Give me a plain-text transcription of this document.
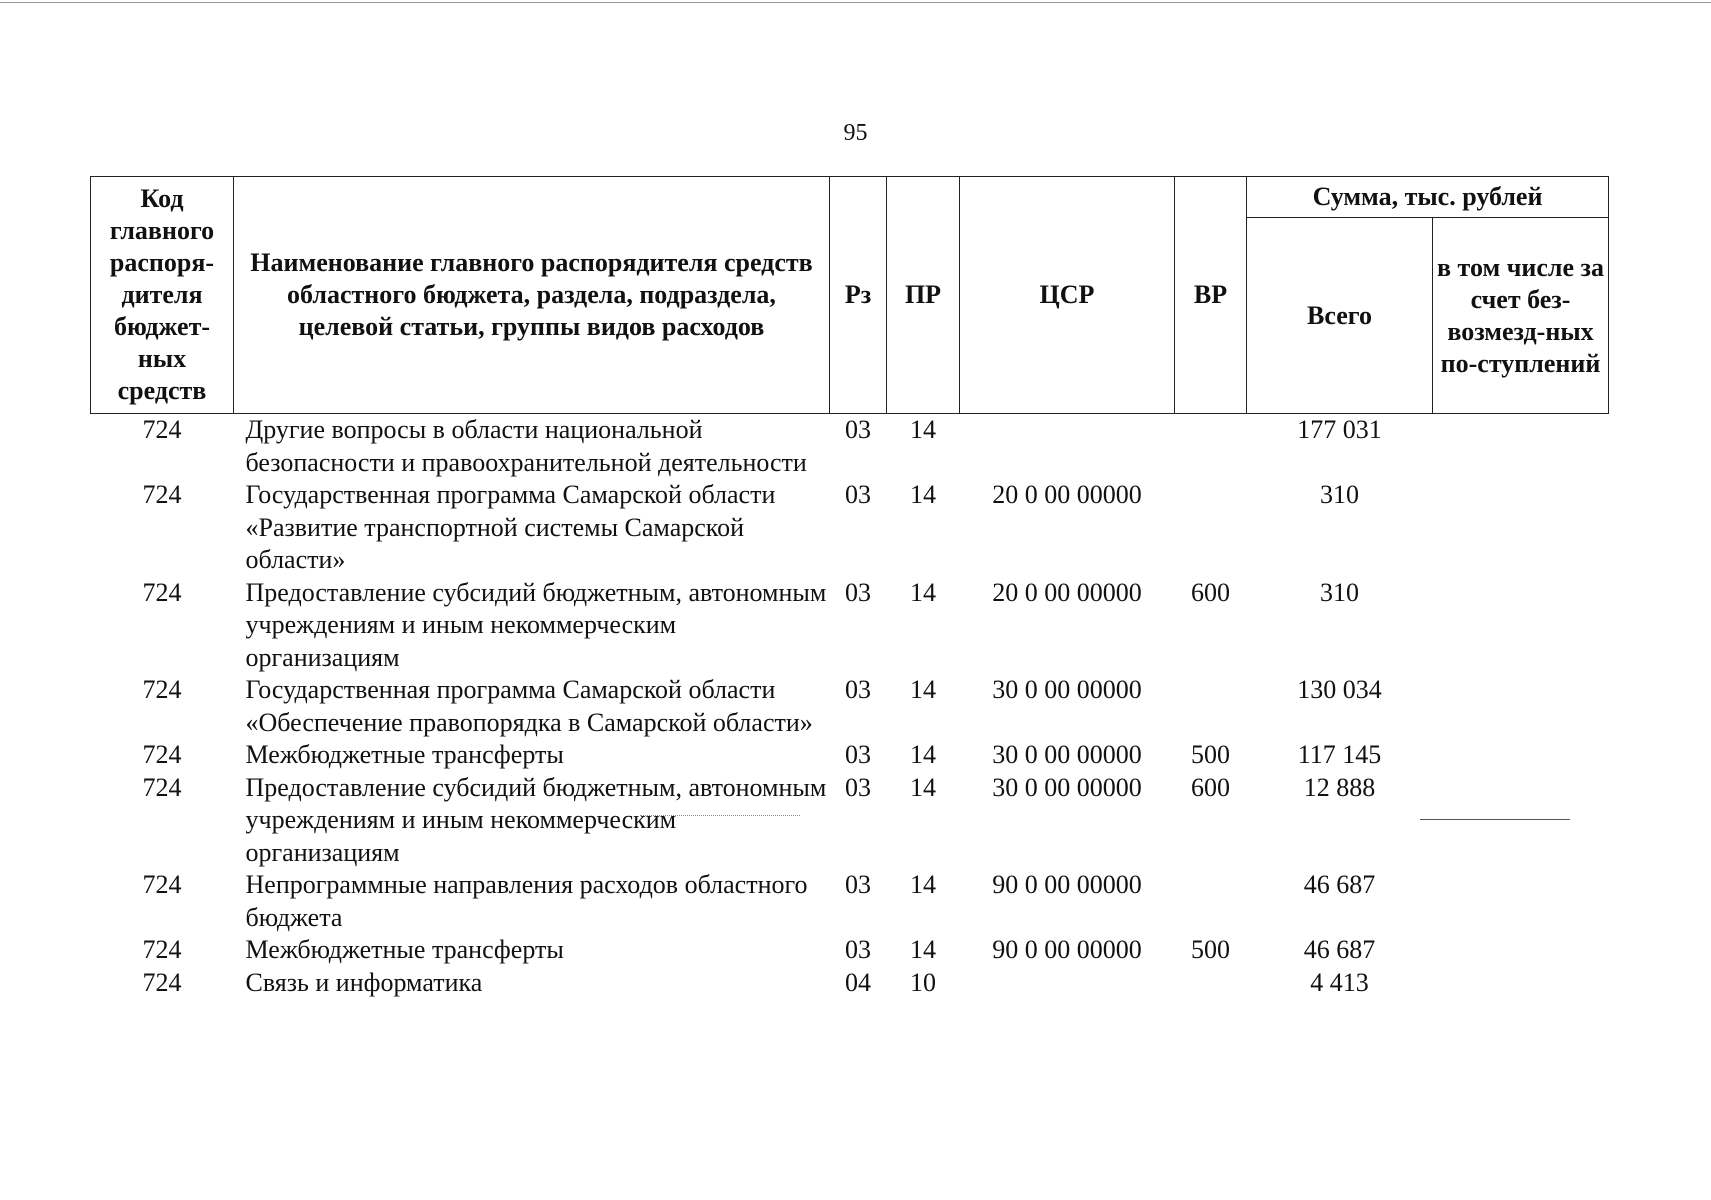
95
Код главного распоря-дителя бюджет-ных средств	Наименование главного распорядителя средств областного бюджета, раздела, подраздела, целевой статьи, группы видов расходов	Рз	ПР	ЦСР	ВР	Сумма, тыс. рублей	
						Всего	в том числе за счет без-возмезд-ных по-ступлений
724	Другие вопросы в области национальной безопасности и правоохранительной деятельности	03	14			177 031	
724	Государственная программа Самарской области «Развитие транспортной системы Самарской области»	03	14	20 0 00 00000		310	
724	Предоставление субсидий бюджетным, автономным учреждениям и иным некоммерческим организациям	03	14	20 0 00 00000	600	310	
724	Государственная программа Самарской области «Обеспечение правопорядка в Самарской области»	03	14	30 0 00 00000		130 034	
724	Межбюджетные трансферты	03	14	30 0 00 00000	500	117 145	
724	Предоставление субсидий бюджетным, автономным учреждениям и иным некоммерческим организациям	03	14	30 0 00 00000	600	12 888	
724	Непрограммные направления расходов областного бюджета	03	14	90 0 00 00000		46 687	
724	Межбюджетные трансферты	03	14	90 0 00 00000	500	46 687	
724	Связь и информатика	04	10			4 413	
